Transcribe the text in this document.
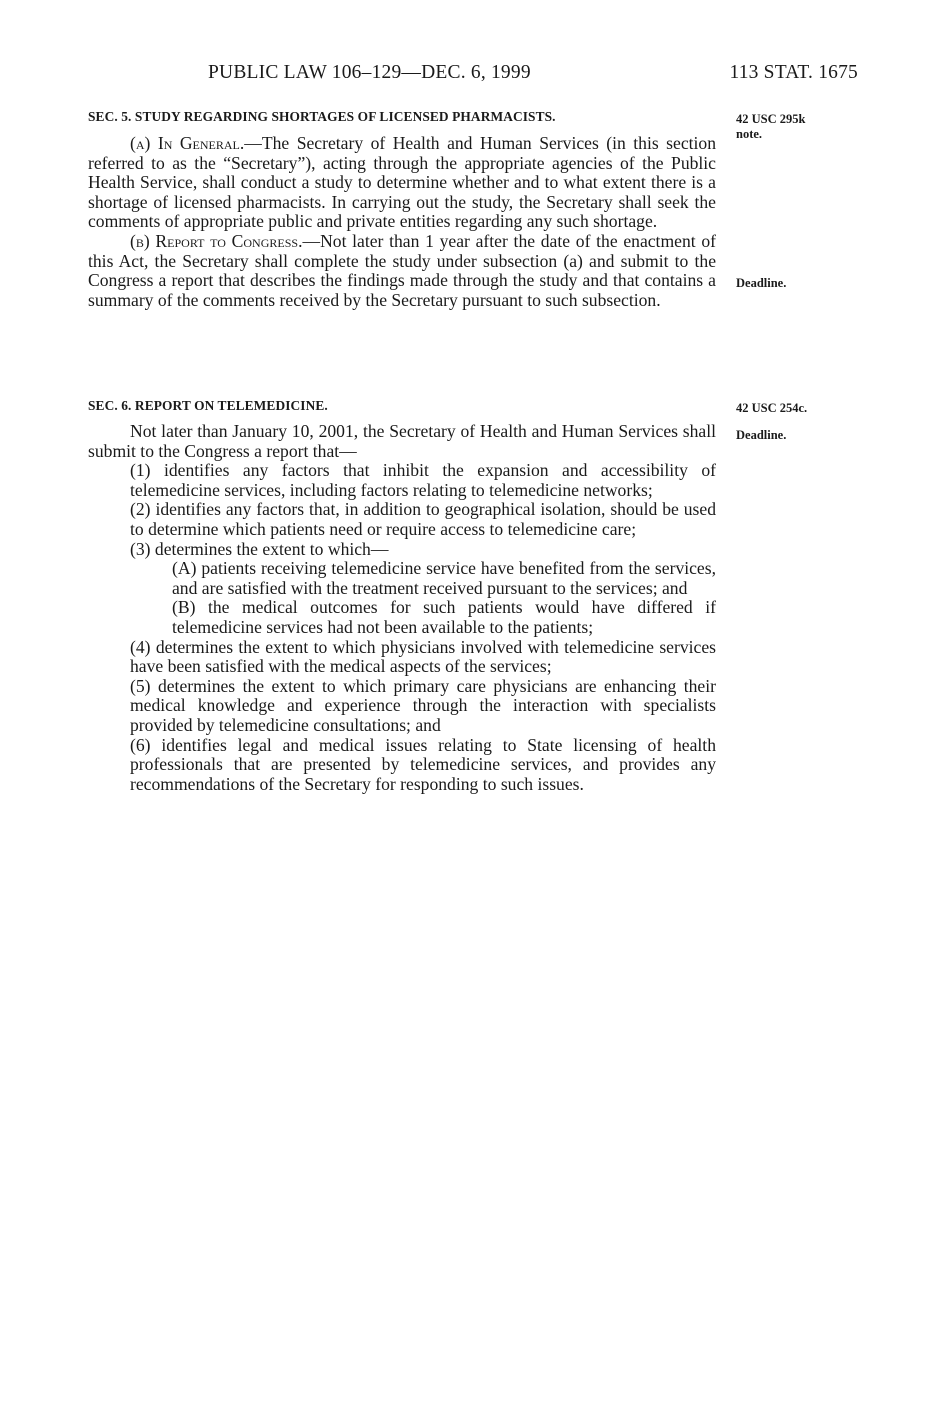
PUBLIC LAW 106–129—DEC. 6, 1999	113 STAT. 1675

SEC. 5. STUDY REGARDING SHORTAGES OF LICENSED PHARMACISTS.

(a) In General.—The Secretary of Health and Human Services (in this section referred to as the “Secretary”), acting through the appropriate agencies of the Public Health Service, shall conduct a study to determine whether and to what extent there is a shortage of licensed pharmacists. In carrying out the study, the Secretary shall seek the comments of appropriate public and private entities regarding any such shortage.

(b) Report to Congress.—Not later than 1 year after the date of the enactment of this Act, the Secretary shall complete the study under subsection (a) and submit to the Congress a report that describes the findings made through the study and that contains a summary of the comments received by the Secretary pursuant to such subsection.

SEC. 6. REPORT ON TELEMEDICINE.

Not later than January 10, 2001, the Secretary of Health and Human Services shall submit to the Congress a report that—

(1) identifies any factors that inhibit the expansion and accessibility of telemedicine services, including factors relating to telemedicine networks;

(2) identifies any factors that, in addition to geographical isolation, should be used to determine which patients need or require access to telemedicine care;

(3) determines the extent to which—

(A) patients receiving telemedicine service have benefited from the services, and are satisfied with the treatment received pursuant to the services; and

(B) the medical outcomes for such patients would have differed if telemedicine services had not been available to the patients;

(4) determines the extent to which physicians involved with telemedicine services have been satisfied with the medical aspects of the services;

(5) determines the extent to which primary care physicians are enhancing their medical knowledge and experience through the interaction with specialists provided by telemedicine consultations; and

(6) identifies legal and medical issues relating to State licensing of health professionals that are presented by telemedicine services, and provides any recommendations of the Secretary for responding to such issues.

42 USC 295k
note.
Deadline.
42 USC 254c.
Deadline.
